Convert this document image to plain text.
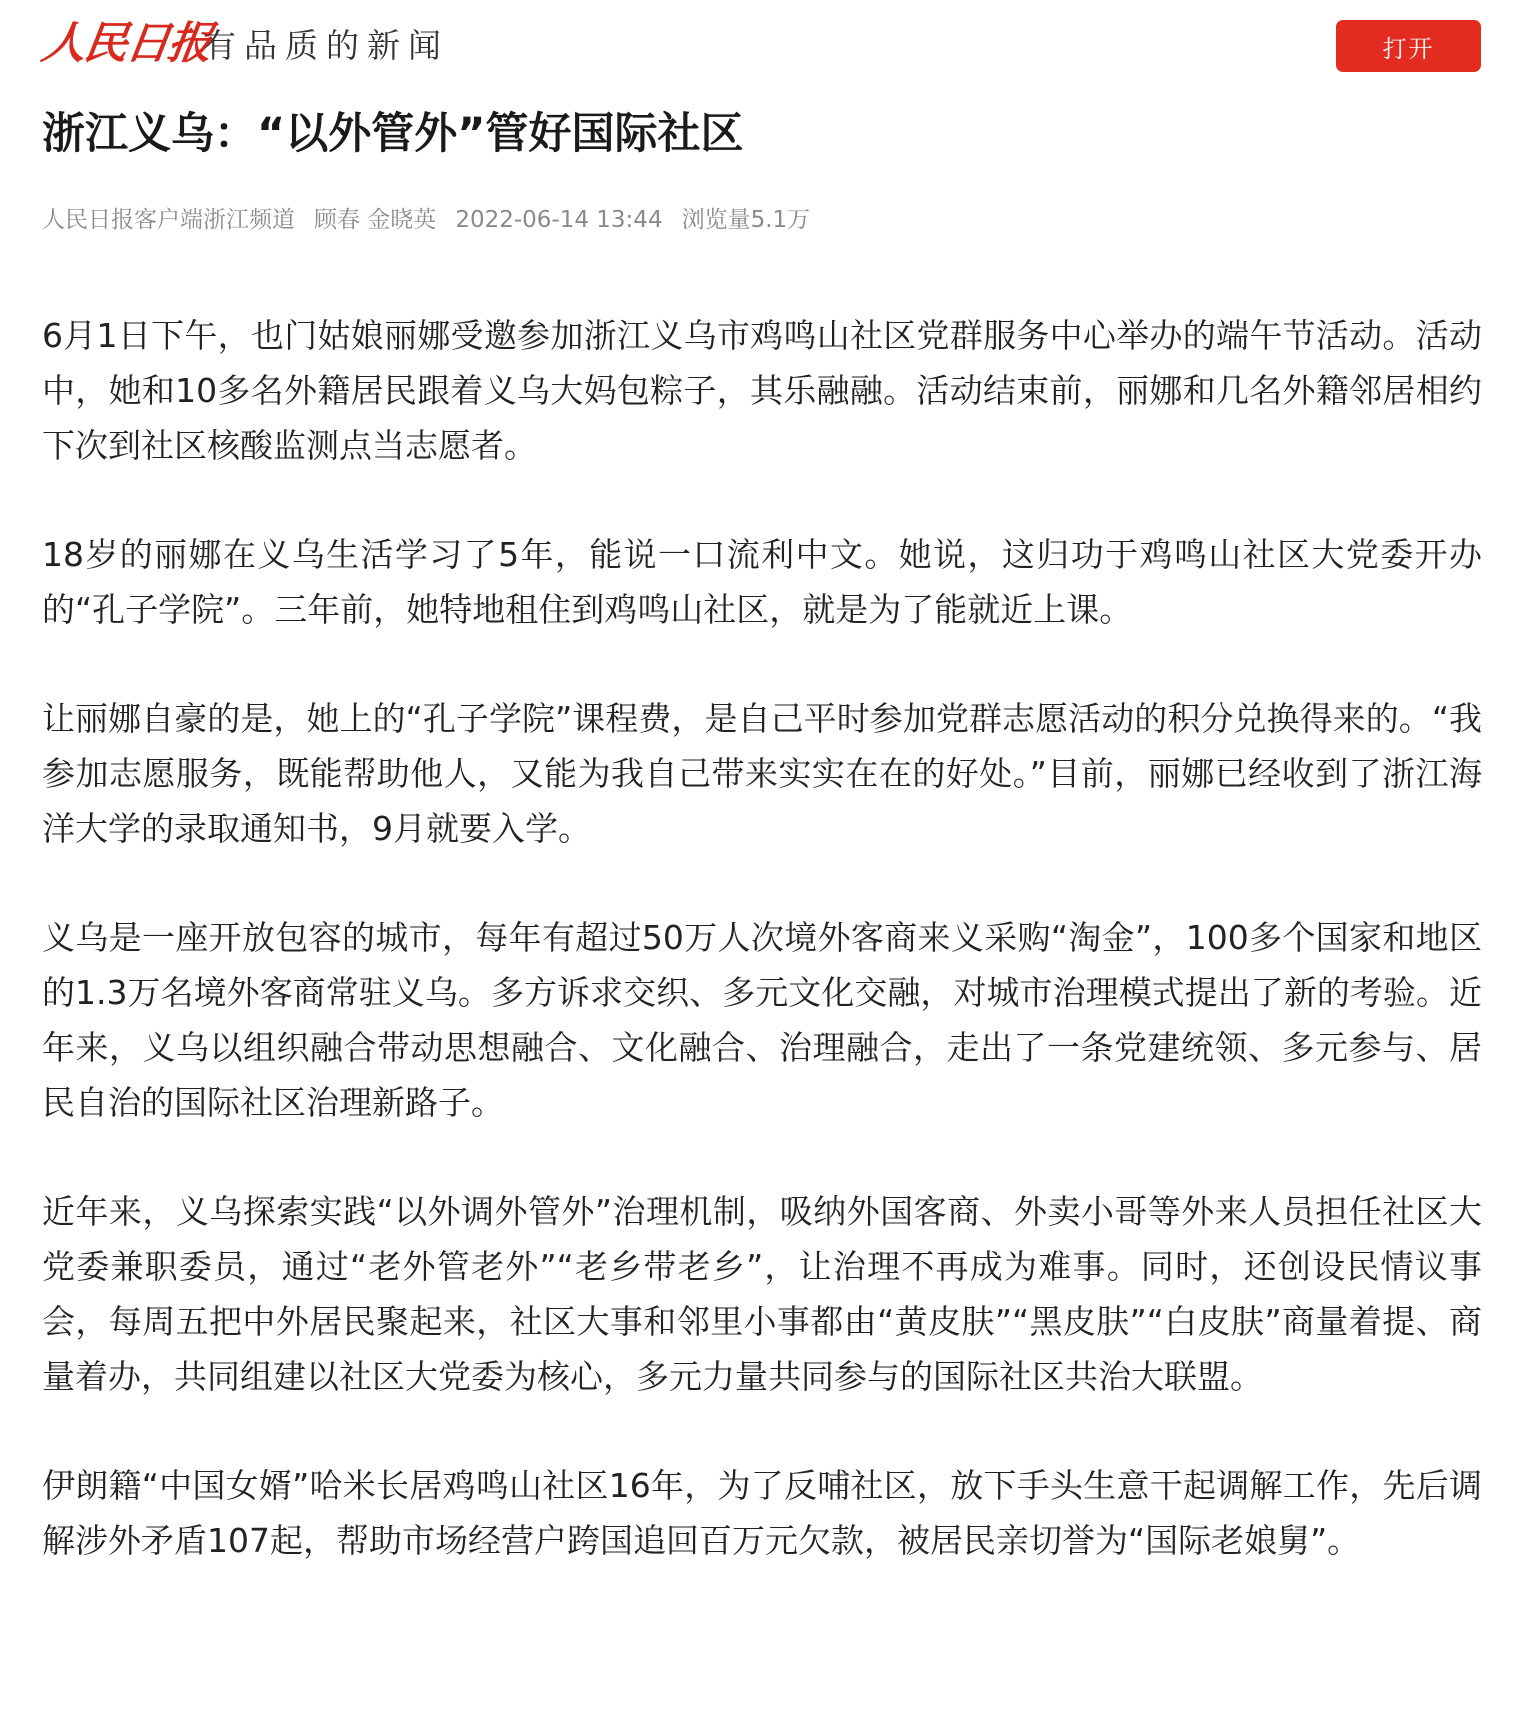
人民日报
有品质的新闻	打开
浙江义乌：“以外管外”管好国际社区
人民日报客户端浙江频道 顾春 金晓英 2022-06-14 13:44 浏览量5.1万

6月1日下午，也门姑娘丽娜受邀参加浙江义乌市鸡鸣山社区党群服务中心举办的端午节活动。活动中，她和10多名外籍居民跟着义乌大妈包粽子，其乐融融。活动结束前，丽娜和几名外籍邻居相约下次到社区核酸监测点当志愿者。

18岁的丽娜在义乌生活学习了5年，能说一口流利中文。她说，这归功于鸡鸣山社区大党委开办的“孔子学院”。三年前，她特地租住到鸡鸣山社区，就是为了能就近上课。

让丽娜自豪的是，她上的“孔子学院”课程费，是自己平时参加党群志愿活动的积分兑换得来的。“我参加志愿服务，既能帮助他人，又能为我自己带来实实在在的好处。”目前，丽娜已经收到了浙江海洋大学的录取通知书，9月就要入学。

义乌是一座开放包容的城市，每年有超过50万人次境外客商来义采购“淘金”，100多个国家和地区的1.3万名境外客商常驻义乌。多方诉求交织、多元文化交融，对城市治理模式提出了新的考验。近年来，义乌以组织融合带动思想融合、文化融合、治理融合，走出了一条党建统领、多元参与、居民自治的国际社区治理新路子。

近年来，义乌探索实践“以外调外管外”治理机制，吸纳外国客商、外卖小哥等外来人员担任社区大党委兼职委员，通过“老外管老外”“老乡带老乡”，让治理不再成为难事。同时，还创设民情议事会，每周五把中外居民聚起来，社区大事和邻里小事都由“黄皮肤”“黑皮肤”“白皮肤”商量着提、商量着办，共同组建以社区大党委为核心，多元力量共同参与的国际社区共治大联盟。

伊朗籍“中国女婿”哈米长居鸡鸣山社区16年，为了反哺社区，放下手头生意干起调解工作，先后调解涉外矛盾107起，帮助市场经营户跨国追回百万元欠款，被居民亲切誉为“国际老娘舅”。
